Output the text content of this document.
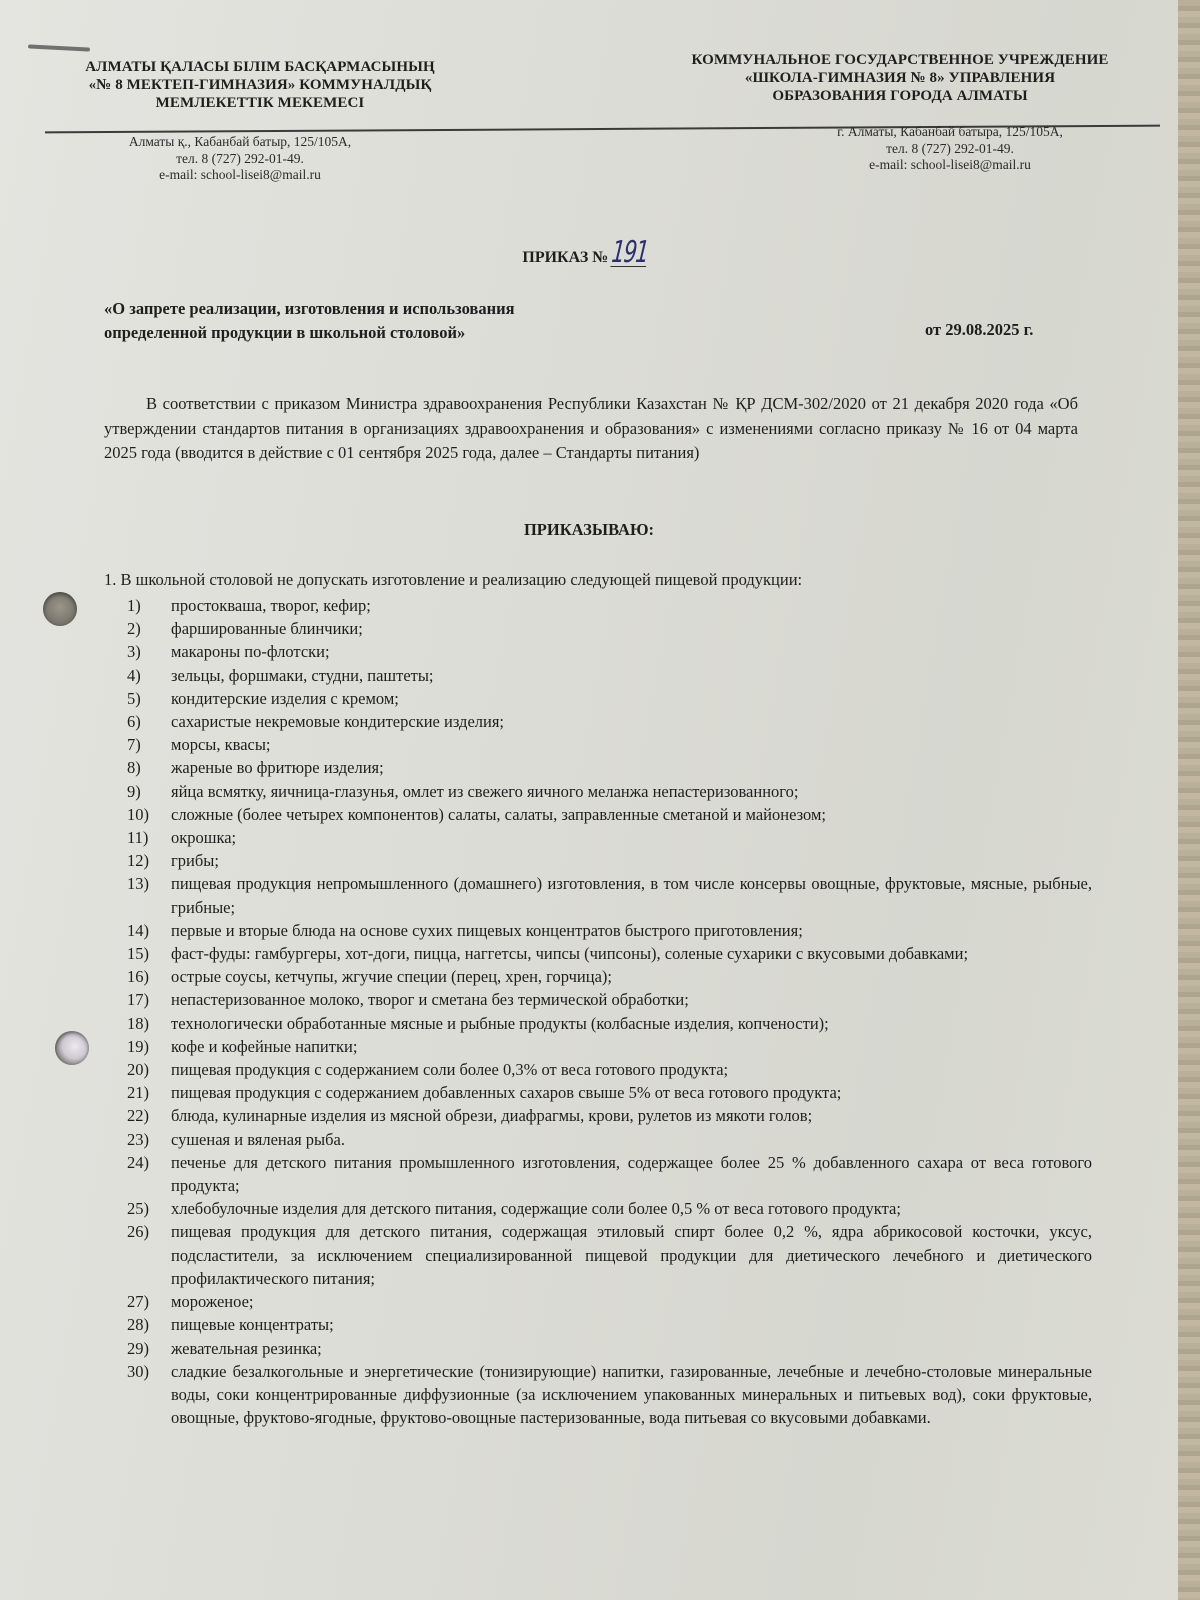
АЛМАТЫ ҚАЛАСЫ БІЛІМ БАСҚАРМАСЫНЫҢ
«№ 8 МЕКТЕП-ГИМНАЗИЯ» КОММУНАЛДЫҚ
МЕМЛЕКЕТТІК МЕКЕМЕСІ
КОММУНАЛЬНОЕ ГОСУДАРСТВЕННОЕ УЧРЕЖДЕНИЕ
«ШКОЛА-ГИМНАЗИЯ № 8» УПРАВЛЕНИЯ
ОБРАЗОВАНИЯ ГОРОДА АЛМАТЫ
Алматы қ., Кабанбай батыр, 125/105А,
тел. 8 (727) 292-01-49.
e-mail: school-lisei8@mail.ru
г. Алматы, Кабанбай батыра, 125/105А,
тел. 8 (727) 292-01-49.
e-mail: school-lisei8@mail.ru
ПРИКАЗ №191
«О запрете реализации, изготовления и использования
определенной продукции в школьной столовой»	от 29.08.2025 г.
В соответствии с приказом Министра здравоохранения Республики Казахстан № ҚР ДСМ-302/2020 от 21 декабря 2020 года «Об утверждении стандартов питания в организациях здравоохранения и образования» с изменениями согласно приказу № 16 от 04 марта 2025 года (вводится в действие с 01 сентября 2025 года, далее – Стандарты питания)
ПРИКАЗЫВАЮ:
1. В школьной столовой не допускать изготовление и реализацию следующей пищевой продукции:
1)	простокваша, творог, кефир;
2)	фаршированные блинчики;
3)	макароны по-флотски;
4)	зельцы, форшмаки, студни, паштеты;
5)	кондитерские изделия с кремом;
6)	сахаристые некремовые кондитерские изделия;
7)	морсы, квасы;
8)	жареные во фритюре изделия;
9)	яйца всмятку, яичница-глазунья, омлет из свежего яичного меланжа непастеризованного;
10)	сложные (более четырех компонентов) салаты, салаты, заправленные сметаной и майонезом;
11)	окрошка;
12)	грибы;
13)	пищевая продукция непромышленного (домашнего) изготовления, в том числе консервы овощные, фруктовые, мясные, рыбные, грибные;
14)	первые и вторые блюда на основе сухих пищевых концентратов быстрого приготовления;
15)	фаст-фуды: гамбургеры, хот-доги, пицца, наггетсы, чипсы (чипсоны), соленые сухарики с вкусовыми добавками;
16)	острые соусы, кетчупы, жгучие специи (перец, хрен, горчица);
17)	непастеризованное молоко, творог и сметана без термической обработки;
18)	технологически обработанные мясные и рыбные продукты (колбасные изделия, копчености);
19)	кофе и кофейные напитки;
20)	пищевая продукция с содержанием соли более 0,3% от веса готового продукта;
21)	пищевая продукция с содержанием добавленных сахаров свыше 5% от веса готового продукта;
22)	блюда, кулинарные изделия из мясной обрези, диафрагмы, крови, рулетов из мякоти голов;
23)	сушеная и вяленая рыба.
24)	печенье для детского питания промышленного изготовления, содержащее более 25 % добавленного сахара от веса готового продукта;
25)	хлебобулочные изделия для детского питания, содержащие соли более 0,5 % от веса готового продукта;
26)	пищевая продукция для детского питания, содержащая этиловый спирт более 0,2 %, ядра абрикосовой косточки, уксус, подсластители, за исключением специализированной пищевой продукции для диетического лечебного и диетического профилактического питания;
27)	мороженое;
28)	пищевые концентраты;
29)	жевательная резинка;
30)	сладкие безалкогольные и энергетические (тонизирующие) напитки, газированные, лечебные и лечебно-столовые минеральные воды, соки концентрированные диффузионные (за исключением упакованных минеральных и питьевых вод), соки фруктовые, овощные, фруктово-ягодные, фруктово-овощные пастеризованные, вода питьевая со вкусовыми добавками.
